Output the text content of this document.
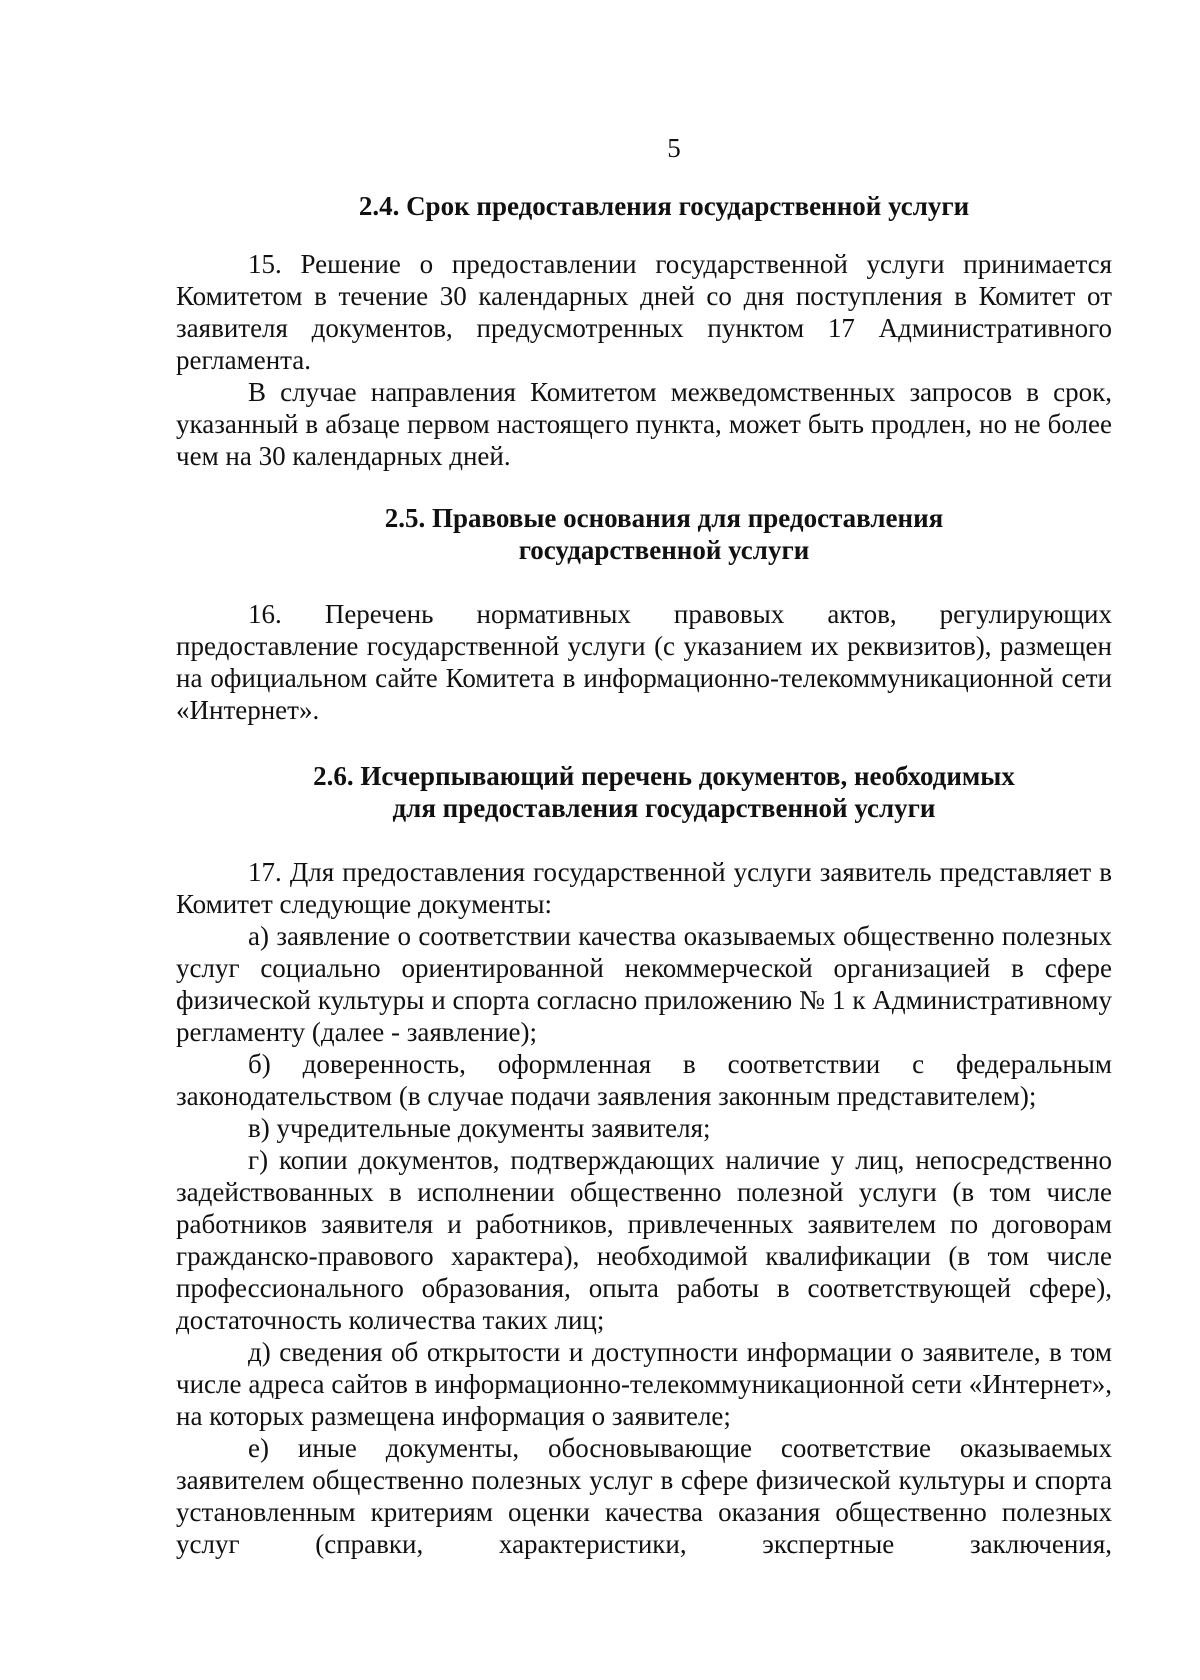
5
2.4. Срок предоставления государственной услуги

15. Решение о предоставлении государственной услуги принимается Комитетом в течение 30 календарных дней со дня поступления в Комитет от заявителя документов, предусмотренных пунктом 17 Административного регламента.

В случае направления Комитетом межведомственных запросов в срок, указанный в абзаце первом настоящего пункта, может быть продлен, но не более чем на 30 календарных дней.

2.5. Правовые основания для предоставления
государственной услуги

16. Перечень нормативных правовых актов, регулирующих предоставление государственной услуги (с указанием их реквизитов), размещен на официальном сайте Комитета в информационно-телекоммуникационной сети «Интернет».

2.6. Исчерпывающий перечень документов, необходимых
для предоставления государственной услуги

17. Для предоставления государственной услуги заявитель представляет в Комитет следующие документы:

а) заявление о соответствии качества оказываемых общественно полезных услуг социально ориентированной некоммерческой организацией в сфере физической культуры и спорта согласно приложению № 1 к Административному регламенту (далее - заявление);

б) доверенность, оформленная в соответствии с федеральным законодательством (в случае подачи заявления законным представителем);

в) учредительные документы заявителя;

г) копии документов, подтверждающих наличие у лиц, непосредственно задействованных в исполнении общественно полезной услуги (в том числе работников заявителя и работников, привлеченных заявителем по договорам гражданско-правового характера), необходимой квалификации (в том числе профессионального образования, опыта работы в соответствующей сфере), достаточность количества таких лиц;

д) сведения об открытости и доступности информации о заявителе, в том числе адреса сайтов в информационно-телекоммуникационной сети «Интернет», на которых размещена информация о заявителе;

е) иные документы, обосновывающие соответствие оказываемых заявителем общественно полезных услуг в сфере физической культуры и спорта установленным критериям оценки качества оказания общественно полезных услуг (справки, характеристики, экспертные заключения,
